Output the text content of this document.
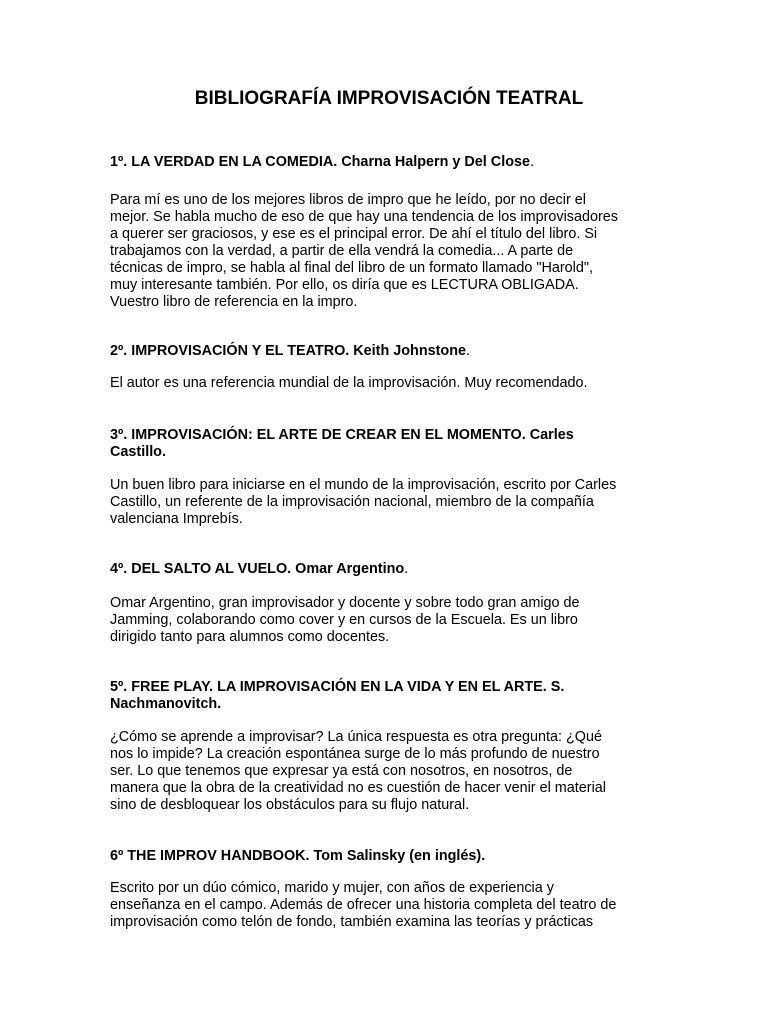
BIBLIOGRAFÍA IMPROVISACIÓN TEATRAL
1º. LA VERDAD EN LA COMEDIA. Charna Halpern y Del Close.
Para mí es uno de los mejores libros de impro que he leído, por no decir el
mejor. Se habla mucho de eso de que hay una tendencia de los improvisadores
a querer ser graciosos, y ese es el principal error. De ahí el título del libro. Si
trabajamos con la verdad, a partir de ella vendrá la comedia... A parte de
técnicas de impro, se habla al final del libro de un formato llamado "Harold",
muy interesante también. Por ello, os diría que es LECTURA OBLIGADA.
Vuestro libro de referencia en la impro.
2º. IMPROVISACIÓN Y EL TEATRO. Keith Johnstone.
El autor es una referencia mundial de la improvisación. Muy recomendado.
3º. IMPROVISACIÓN: EL ARTE DE CREAR EN EL MOMENTO. Carles
Castillo.
Un buen libro para iniciarse en el mundo de la improvisación, escrito por Carles
Castillo, un referente de la improvisación nacional, miembro de la compañía
valenciana Imprebís.
4º. DEL SALTO AL VUELO. Omar Argentino.
Omar Argentino, gran improvisador y docente y sobre todo gran amigo de
Jamming, colaborando como cover y en cursos de la Escuela. Es un libro
dirigido tanto para alumnos como docentes.
5º. FREE PLAY. LA IMPROVISACIÓN EN LA VIDA Y EN EL ARTE. S.
Nachmanovitch.
¿Cómo se aprende a improvisar? La única respuesta es otra pregunta: ¿Qué
nos lo impide? La creación espontánea surge de lo más profundo de nuestro
ser. Lo que tenemos que expresar ya está con nosotros, en nosotros, de
manera que la obra de la creatividad no es cuestión de hacer venir el material
sino de desbloquear los obstáculos para su flujo natural.
6º THE IMPROV HANDBOOK. Tom Salinsky (en inglés).
Escrito por un dúo cómico, marido y mujer, con años de experiencia y
enseñanza en el campo. Además de ofrecer una historia completa del teatro de
improvisación como telón de fondo, también examina las teorías y prácticas
